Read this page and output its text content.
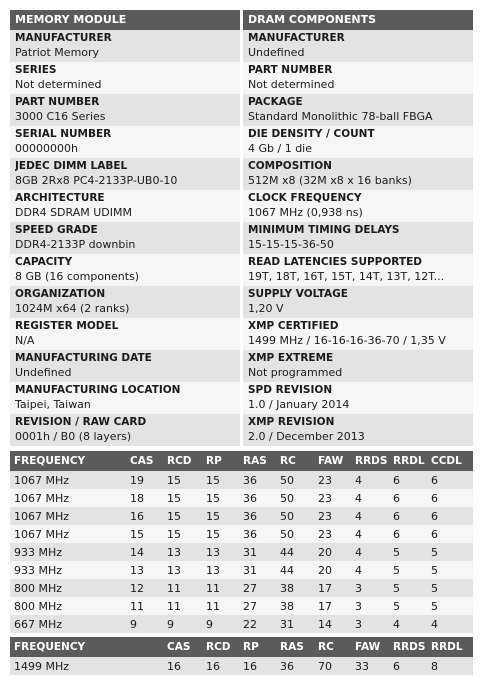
MEMORY MODULE
MANUFACTURER
Patriot Memory
SERIES
Not determined
PART NUMBER
3000 C16 Series
SERIAL NUMBER
00000000h
JEDEC DIMM LABEL
8GB 2Rx8 PC4-2133P-UB0-10
ARCHITECTURE
DDR4 SDRAM UDIMM
SPEED GRADE
DDR4-2133P downbin
CAPACITY
8 GB (16 components)
ORGANIZATION
1024M x64 (2 ranks)
REGISTER MODEL
N/A
MANUFACTURING DATE
Undefined
MANUFACTURING LOCATION
Taipei, Taiwan
REVISION / RAW CARD
0001h / B0 (8 layers)
DRAM COMPONENTS
MANUFACTURER
Undefined
PART NUMBER
Not determined
PACKAGE
Standard Monolithic 78-ball FBGA
DIE DENSITY / COUNT
4 Gb / 1 die
COMPOSITION
512M x8 (32M x8 x 16 banks)
CLOCK FREQUENCY
1067 MHz (0,938 ns)
MINIMUM TIMING DELAYS
15-15-15-36-50
READ LATENCIES SUPPORTED
19T, 18T, 16T, 15T, 14T, 13T, 12T...
SUPPLY VOLTAGE
1,20 V
XMP CERTIFIED
1499 MHz / 16-16-16-36-70 / 1,35 V
XMP EXTREME
Not programmed
SPD REVISION
1.0 / January 2014
XMP REVISION
2.0 / December 2013
FREQUENCY	CAS	RCD	RP	RAS	RC	FAW	RRDS	RRDL	CCDL
1067 MHz	19	15	15	36	50	23	4	6	6
1067 MHz	18	15	15	36	50	23	4	6	6
1067 MHz	16	15	15	36	50	23	4	6	6
1067 MHz	15	15	15	36	50	23	4	6	6
933 MHz	14	13	13	31	44	20	4	5	5
933 MHz	13	13	13	31	44	20	4	5	5
800 MHz	12	11	11	27	38	17	3	5	5
800 MHz	11	11	11	27	38	17	3	5	5
667 MHz	9	9	9	22	31	14	3	4	4
FREQUENCY		CAS	RCD	RP	RAS	RC	FAW	RRDS	RRDL
1499 MHz		16	16	16	36	70	33	6	8
